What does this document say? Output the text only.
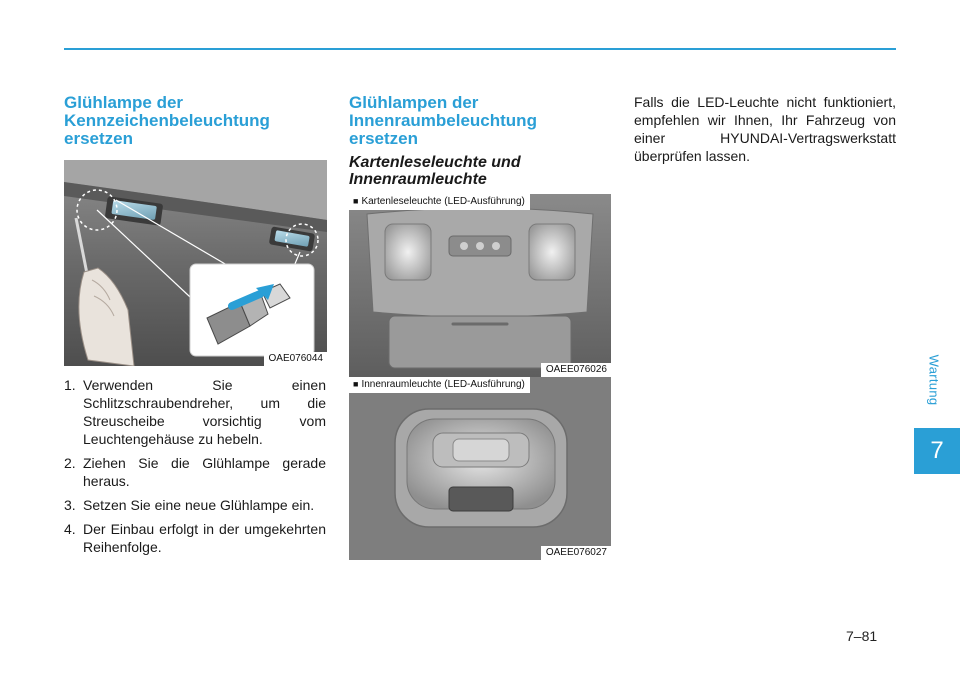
Wartung
7
Glühlampe der Kennzeichenbeleuchtung ersetzen
OAE076044
1. Verwenden Sie einen Schlitzschraubendreher, um die Streuscheibe vorsichtig vom Leuchtengehäuse zu hebeln.
2. Ziehen Sie die Glühlampe gerade heraus.
3. Setzen Sie eine neue Glühlampe ein.
4. Der Einbau erfolgt in der umgekehrten Reihenfolge.
Glühlampen der Innenraumbeleuchtung ersetzen
Kartenleseleuchte und Innenraumleuchte
■ Kartenleseleuchte (LED-Ausführung)
OAEE076026
■ Innenraumleuchte (LED-Ausführung)
OAEE076027

Falls die LED-Leuchte nicht funktioniert, empfehlen wir Ihnen, Ihr Fahrzeug von einer HYUNDAI-Vertragswerkstatt überprüfen lassen.

7–81
